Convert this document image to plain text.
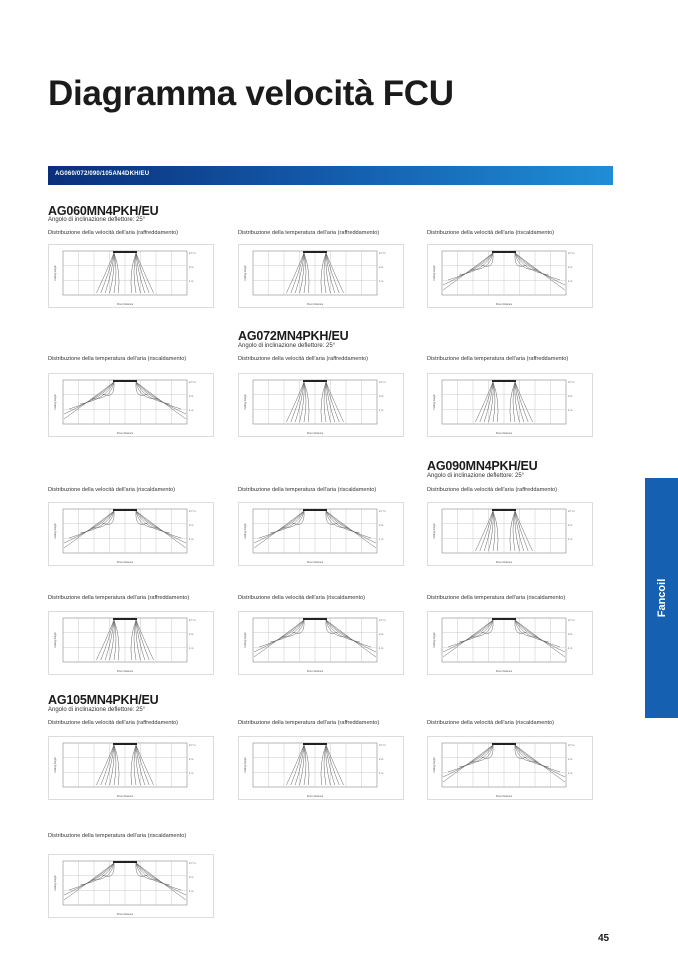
Diagramma velocità FCU
AG060/072/090/105AN4DKH/EU
AG060MN4PKH/EU
Angolo di inclinazione deflettore: 25°
AG072MN4PKH/EU
Angolo di inclinazione deflettore: 25°
AG090MN4PKH/EU
Angolo di inclinazione deflettore: 25°
AG105MN4PKH/EU
Angolo di inclinazione deflettore: 25°
Distribuzione della velocità dell'aria (raffreddamento)	Distribuzione della temperatura dell'aria (raffreddamento)	Distribuzione della velocità dell'aria (riscaldamento)
Distribuzione della temperatura dell'aria (riscaldamento)	Distribuzione della velocità dell'aria (raffreddamento)	Distribuzione della temperatura dell'aria (raffreddamento)
Distribuzione della velocità dell'aria (riscaldamento)	Distribuzione della temperatura dell'aria (riscaldamento)	Distribuzione della velocità dell'aria (raffreddamento)
Distribuzione della temperatura dell'aria (raffreddamento)	Distribuzione della velocità dell'aria (riscaldamento)	Distribuzione della temperatura dell'aria (riscaldamento)
Distribuzione della velocità dell'aria (raffreddamento)	Distribuzione della temperatura dell'aria (raffreddamento)	Distribuzione della velocità dell'aria (riscaldamento)
Distribuzione della temperatura dell'aria (riscaldamento)
Ceiling height
Floor distance
2.7 m
2 m
1 m
Ceiling height
Floor distance
2.7 m
2 m
1 m
Ceiling height
Floor distance
2.7 m
2 m
1 m
Ceiling height
Floor distance
2.7 m
2 m
1 m
Ceiling height
Floor distance
2.7 m
2 m
1 m
Ceiling height
Floor distance
2.7 m
2 m
1 m
Ceiling height
Floor distance
2.7 m
2 m
1 m
Ceiling height
Floor distance
2.7 m
2 m
1 m
Ceiling height
Floor distance
2.7 m
2 m
1 m
Ceiling height
Floor distance
2.7 m
2 m
1 m
Ceiling height
Floor distance
2.7 m
2 m
1 m
Ceiling height
Floor distance
2.7 m
2 m
1 m
Ceiling height
Floor distance
2.7 m
2 m
1 m
Ceiling height
Floor distance
2.7 m
2 m
1 m
Ceiling height
Floor distance
2.7 m
2 m
1 m
Ceiling height
Floor distance
2.7 m
2 m
1 m
Fancoil
45
